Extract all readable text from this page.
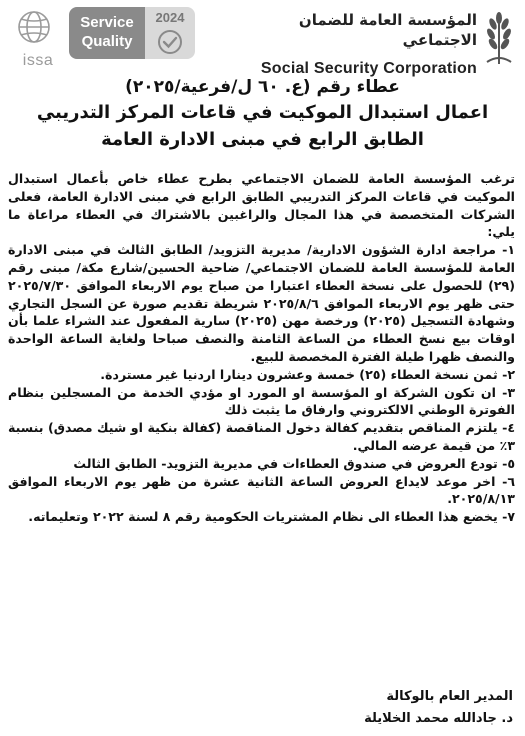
issa
Service
Quality
2024	المؤسسة العامة للضمان الاجتماعي
Social Security Corporation
عطاء رقم (ع. ٦٠ ل/فرعية/٢٠٢٥)
اعمال استبدال الموكيت في قاعات المركز التدريبي
الطابق الرابع في مبنى الادارة العامة

ترغب المؤسسة العامة للضمان الاجتماعي بطرح عطاء خاص بأعمال استبدال الموكيت في قاعات المركز التدريبي الطابق الرابع في مبنى الادارة العامة، فعلى الشركات المتخصصة في هذا المجال والراغبين بالاشتراك في العطاء مراعاة ما يلي:

١- مراجعة ادارة الشؤون الادارية/ مديرية التزويد/ الطابق الثالث في مبنى الادارة العامة للمؤسسة العامة للضمان الاجتماعي/ ضاحية الحسين/شارع مكة/ مبنى رقم (٢٩) للحصول على نسخة العطاء اعتبارا من صباح يوم الاربعاء الموافق ٢٠٢٥/٧/٣٠ حتى ظهر يوم الاربعاء الموافق ٢٠٢٥/٨/٦ شريطة تقديم صورة عن السجل التجاري وشهادة التسجيل (٢٠٢٥) ورخصة مهن (٢٠٢٥) سارية المفعول عند الشراء علما بأن اوقات بيع نسخ العطاء من الساعة الثامنة والنصف صباحا ولغاية الساعة الواحدة والنصف ظهرا طيلة الفترة المخصصة للبيع.

٢- ثمن نسخة العطاء (٢٥) خمسة وعشرون دينارا اردنيا غير مستردة.

٣- ان تكون الشركة او المؤسسة او المورد او مؤدي الخدمة من المسجلين بنظام الفوترة الوطني الالكتروني وارفاق ما يثبت ذلك

٤- يلتزم المناقص بتقديم كفالة دخول المناقصة (كفالة بنكية او شيك مصدق) بنسبة ٣٪ من قيمة عرضه المالي.

٥- تودع العروض في صندوق العطاءات في مديرية التزويد- الطابق الثالث

٦- اخر موعد لايداع العروض الساعة الثانية عشرة من ظهر يوم الاربعاء الموافق ٢٠٢٥/٨/١٣.

٧- يخضع هذا العطاء الى نظام المشتريات الحكومية رقم ٨ لسنة ٢٠٢٢ وتعليماته.

المدير العام بالوكالة
د. جادالله محمد الخلايلة
